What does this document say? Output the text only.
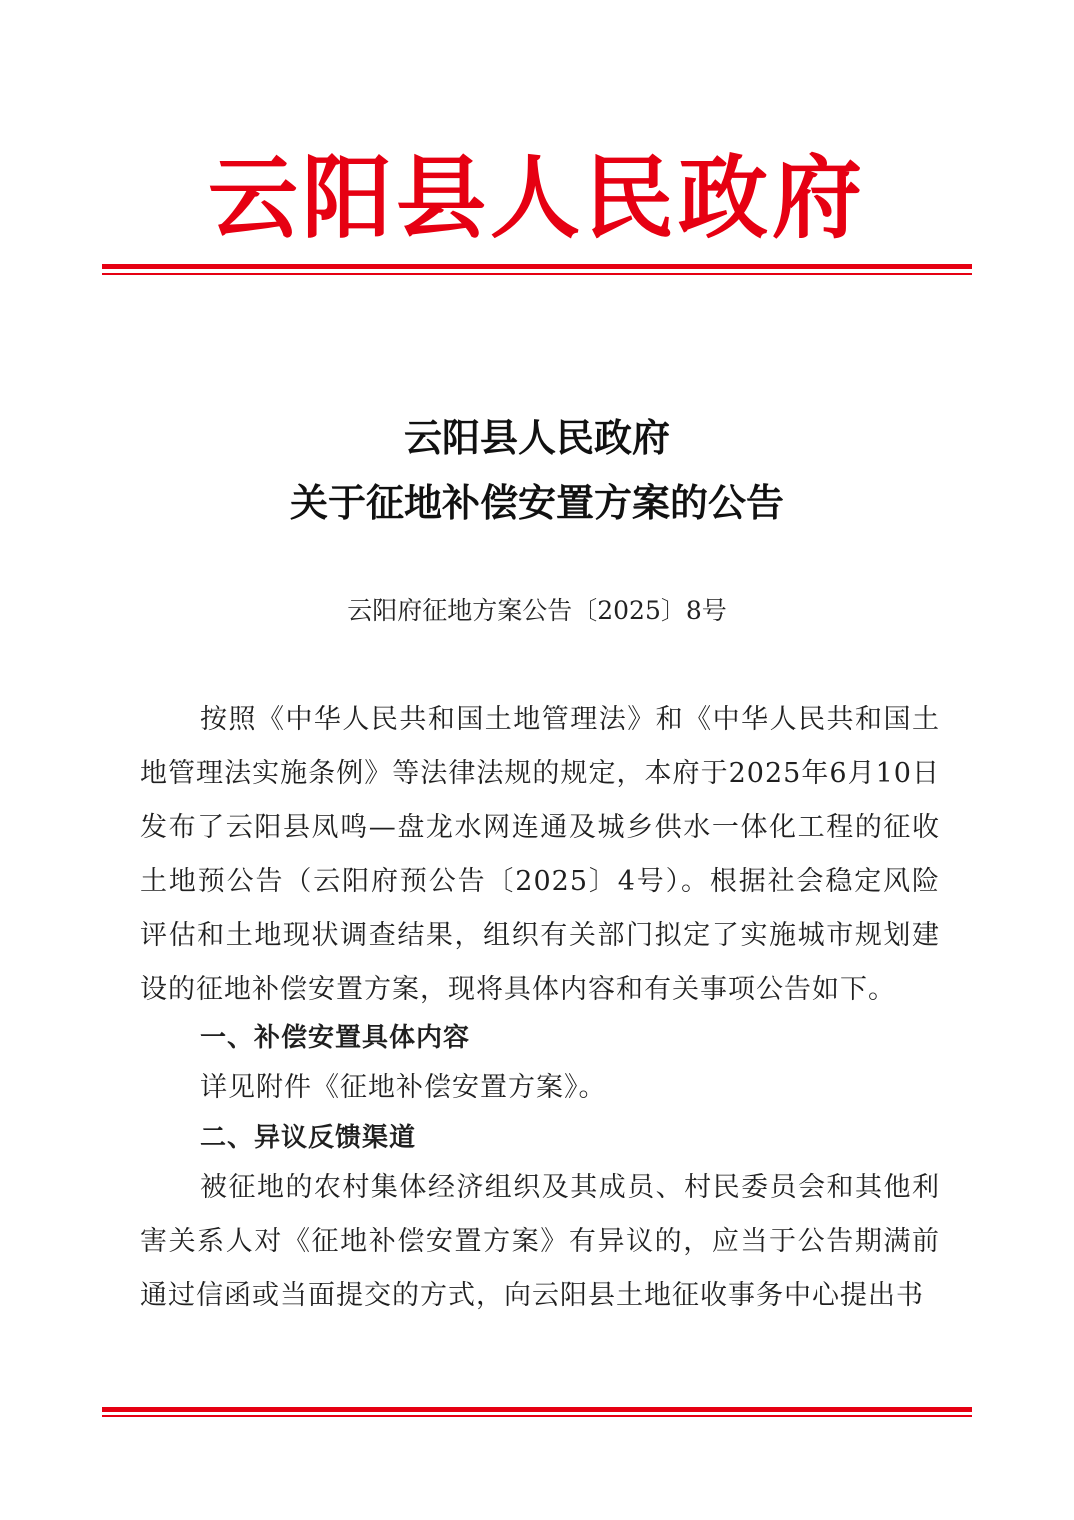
云阳县人民政府
云阳县人民政府
关于征地补偿安置方案的公告
云阳府征地方案公告〔2025〕8号
按照《中华人民共和国土地管理法》和《中华人民共和国土地管理法实施条例》等法律法规的规定，本府于2025年6月10日发布了云阳县凤鸣—盘龙水网连通及城乡供水一体化工程的征收土地预公告（云阳府预公告〔2025〕4号）。根据社会稳定风险评估和土地现状调查结果，组织有关部门拟定了实施城市规划建设的征地补偿安置方案，现将具体内容和有关事项公告如下。
一、补偿安置具体内容
详见附件《征地补偿安置方案》。
二、异议反馈渠道
被征地的农村集体经济组织及其成员、村民委员会和其他利害关系人对《征地补偿安置方案》有异议的，应当于公告期满前通过信函或当面提交的方式，向云阳县土地征收事务中心提出书
